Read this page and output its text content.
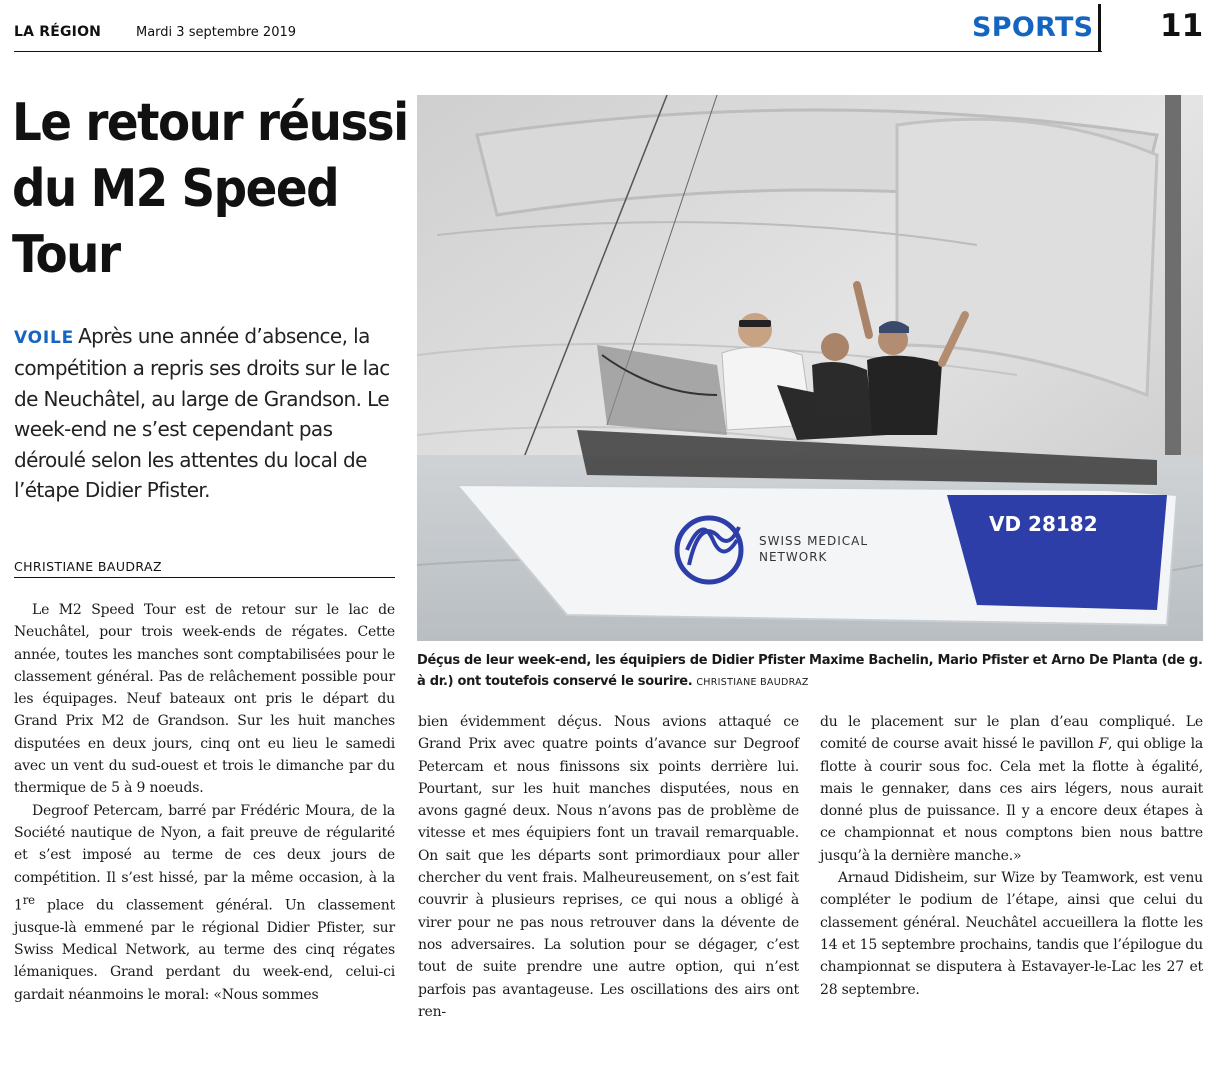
LA RÉGION	Mardi 3 septembre 2019	SPORTS 11
Le retour réussi du M2 Speed Tour

VOILE Après une année d’absence, la compétition a repris ses droits sur le lac de Neuchâtel, au large de Grandson. Le week-end ne s’est cependant pas déroulé selon les attentes du local de l’étape Didier Pfister.

CHRISTIANE BAUDRAZ

Le M2 Speed Tour est de retour sur le lac de Neuchâtel, pour trois week-ends de régates. Cette année, toutes les manches sont comptabilisées pour le classement général. Pas de relâchement possible pour les équipages. Neuf bateaux ont pris le départ du Grand Prix M2 de Grandson. Sur les huit manches disputées en deux jours, cinq ont eu lieu le samedi avec un vent du sud-ouest et trois le dimanche par du thermique de 5 à 9 noeuds.

Degroof Petercam, barré par Frédéric Moura, de la Société nautique de Nyon, a fait preuve de régularité et s’est imposé au terme de ces deux jours de compétition. Il s’est hissé, par la même occasion, à la 1re place du classement général. Un classement jusque-là emmené par le régional Didier Pfister, sur Swiss Medical Network, au terme des cinq régates lémaniques. Grand perdant du week-end, celui-ci gardait néanmoins le moral: «Nous sommes

bien évidemment déçus. Nous avions attaqué ce Grand Prix avec quatre points d’avance sur Degroof Petercam et nous finissons six points derrière lui. Pourtant, sur les huit manches disputées, nous en avons gagné deux. Nous n’avons pas de problème de vitesse et mes équipiers font un travail remarquable. On sait que les départs sont primordiaux pour aller chercher du vent frais. Malheureusement, on s’est fait couvrir à plusieurs reprises, ce qui nous a obligé à virer pour ne pas nous retrouver dans la dévente de nos adversaires. La solution pour se dégager, c’est tout de suite prendre une autre option, qui n’est parfois pas avantageuse. Les oscillations des airs ont ren-

du le placement sur le plan d’eau compliqué. Le comité de course avait hissé le pavillon F, qui oblige la flotte à courir sous foc. Cela met la flotte à égalité, mais le gennaker, dans ces airs légers, nous aurait donné plus de puissance. Il y a encore deux étapes à ce championnat et nous comptons bien nous battre jusqu’à la dernière manche.»

Arnaud Didisheim, sur Wize by Teamwork, est venu compléter le podium de l’étape, ainsi que celui du classement général. Neuchâtel accueillera la flotte les 14 et 15 septembre prochains, tandis que l’épilogue du championnat se disputera à Estavayer-le-Lac les 27 et 28 septembre.

SWISS MEDICAL
NETWORK
VD 28182

Déçus de leur week-end, les équipiers de Didier Pfister Maxime Bachelin, Mario Pfister et Arno De Planta (de g. à dr.) ont toutefois conservé le sourire. CHRISTIANE BAUDRAZ
